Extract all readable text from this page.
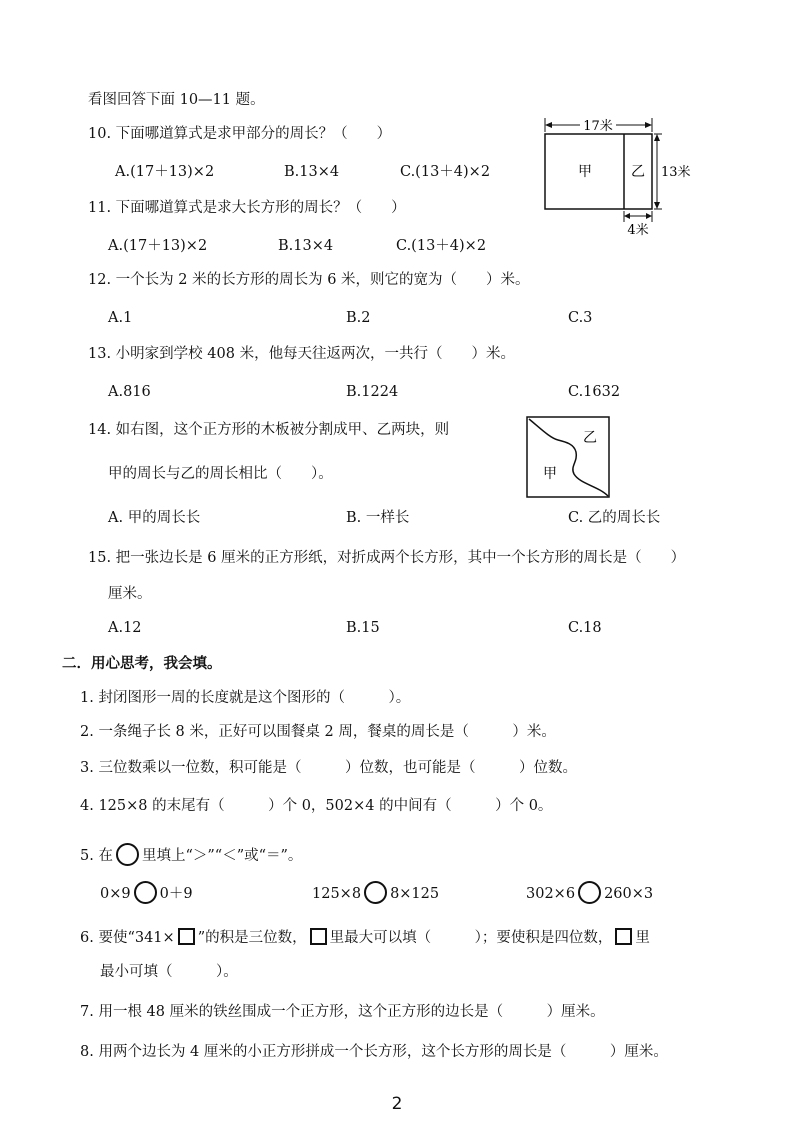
看图回答下面 10—11 题。
10. 下面哪道算式是求甲部分的周长？（　　）
A.(17＋13)×2	B.13×4	C.(13＋4)×2
11. 下面哪道算式是求大长方形的周长？（　　）
A.(17＋13)×2	B.13×4	C.(13＋4)×2
17米
13米
4米
甲	乙
12. 一个长为 2 米的长方形的周长为 6 米，则它的宽为（　　）米。
A.1	B.2	C.3
13. 小明家到学校 408 米，他每天往返两次，一共行（　　）米。
A.816	B.1224	C.1632
14. 如右图，这个正方形的木板被分割成甲、乙两块，则
甲的周长与乙的周长相比（　　）。	甲
乙
A. 甲的周长长	B. 一样长	C. 乙的周长长
15. 把一张边长是 6 厘米的正方形纸，对折成两个长方形，其中一个长方形的周长是（　　）
厘米。
A.12	B.15	C.18
二．用心思考，我会填。
1. 封闭图形一周的长度就是这个图形的（　　　）。
2. 一条绳子长 8 米，正好可以围餐桌 2 周，餐桌的周长是（　　　）米。
3. 三位数乘以一位数，积可能是（　　　）位数，也可能是（　　　）位数。
4. 125×8 的末尾有（　　　）个 0，502×4 的中间有（　　　）个 0。
5. 在 里填上“＞”“＜”或“＝”。
0×9 0＋9	125×8 8×125	302×6 260×3
6. 要使“341× ”的积是三位数， 里最大可以填（　　　）；要使积是四位数， 里
最小可填（　　　）。
7. 用一根 48 厘米的铁丝围成一个正方形，这个正方形的边长是（　　　）厘米。
8. 用两个边长为 4 厘米的小正方形拼成一个长方形，这个长方形的周长是（　　　）厘米。
2
